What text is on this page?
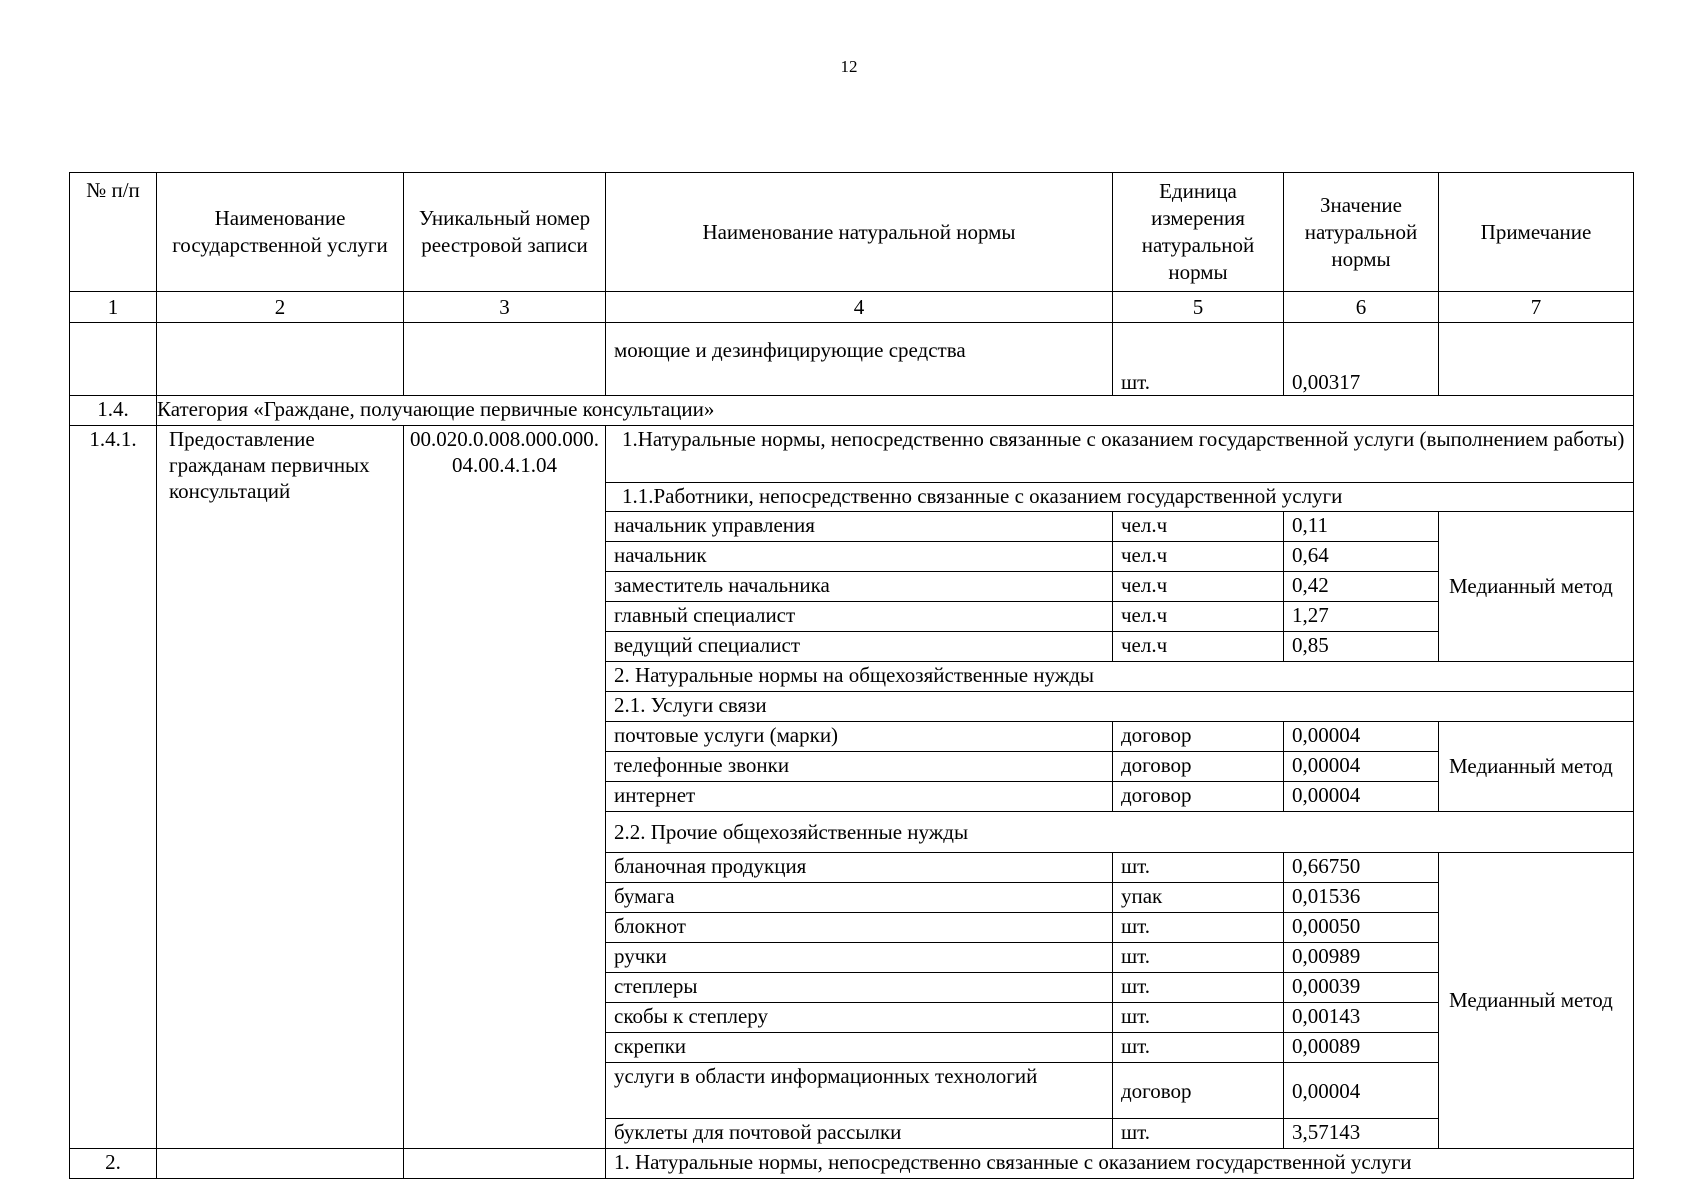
12
№ п/п	Наименование государственной услуги	Уникальный номер реестровой записи	Наименование натуральной нормы	Единица измерения натуральной нормы	Значение натуральной нормы	Примечание
1	2	3	4	5	6	7
			моющие и дезинфицирующие средства	шт.	0,00317	
1.4.	Категория «Граждане, получающие первичные консультации»					
1.4.1.	Предоставление гражданам первичных консультаций	00.020.0.008.000.000.04.00.4.1.04	1.Натуральные нормы, непосредственно связанные с оказанием государственной услуги (выполнением работы)			
			1.1.Работники, непосредственно связанные с оказанием государственной услуги			
			начальник управления	чел.ч	0,11	Медианный метод
			начальник	чел.ч	0,64	
			заместитель начальника	чел.ч	0,42	
			главный специалист	чел.ч	1,27	
			ведущий специалист	чел.ч	0,85	
			2. Натуральные нормы на общехозяйственные нужды			
			2.1. Услуги связи			
			почтовые услуги (марки)	договор	0,00004	Медианный метод
			телефонные звонки	договор	0,00004	
			интернет	договор	0,00004	
			2.2. Прочие общехозяйственные нужды			
			бланочная продукция	шт.	0,66750	Медианный метод
			бумага	упак	0,01536	
			блокнот	шт.	0,00050	
			ручки	шт.	0,00989	
			степлеры	шт.	0,00039	
			скобы к степлеру	шт.	0,00143	
			скрепки	шт.	0,00089	
			услуги в области информационных технологий	договор	0,00004	
			буклеты для почтовой рассылки	шт.	3,57143	
2.			1. Натуральные нормы, непосредственно связанные с оказанием государственной услуги			
